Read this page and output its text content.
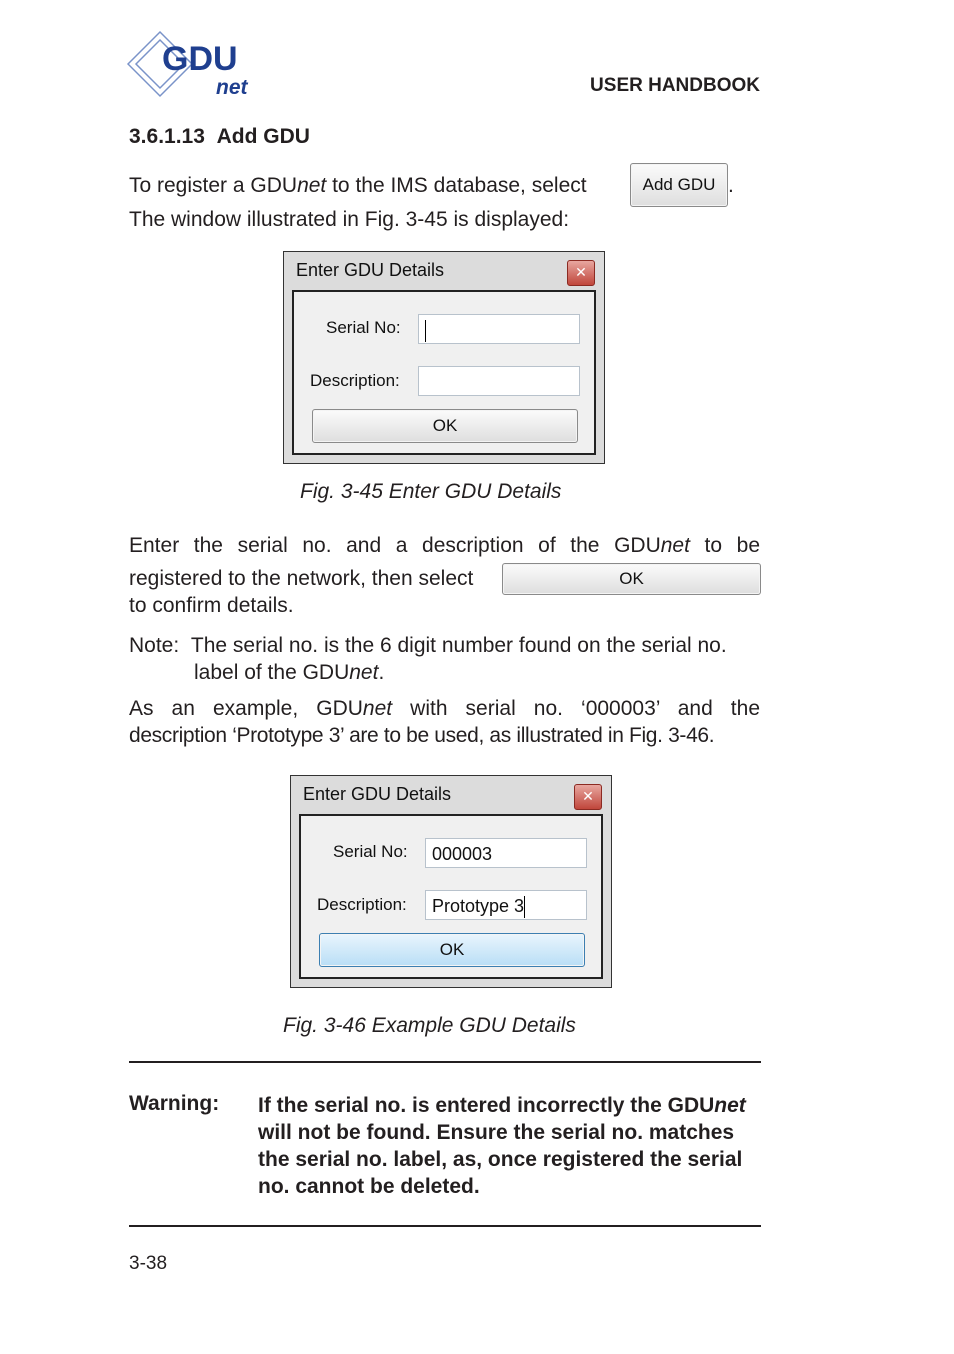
GDU
net	USER HANDBOOK
3.6.1.13 Add GDU
To register a GDUnet to the IMS database, select
The window illustrated in Fig. 3-45 is displayed:
Add GDU .
Enter GDU Details	✕
Serial No:
Description:
OK
Fig. 3-45 Enter GDU Details
Enter the serial no. and a description of the GDUnet to be
registered to the network, then select
to confirm details.
OK
Note: The serial no. is the 6 digit number found on the serial no.
label of the GDUnet.
As an example, GDUnet with serial no. ‘000003’ and the
description ‘Prototype 3’ are to be used, as illustrated in Fig. 3-46.
Enter GDU Details	✕
Serial No:	000003
Description:	Prototype 3
OK
Fig. 3-46 Example GDU Details
Warning: If the serial no. is entered incorrectly the GDUnet will not be found. Ensure the serial no. matches the serial no. label, as, once registered the serial no. cannot be deleted.
3-38
